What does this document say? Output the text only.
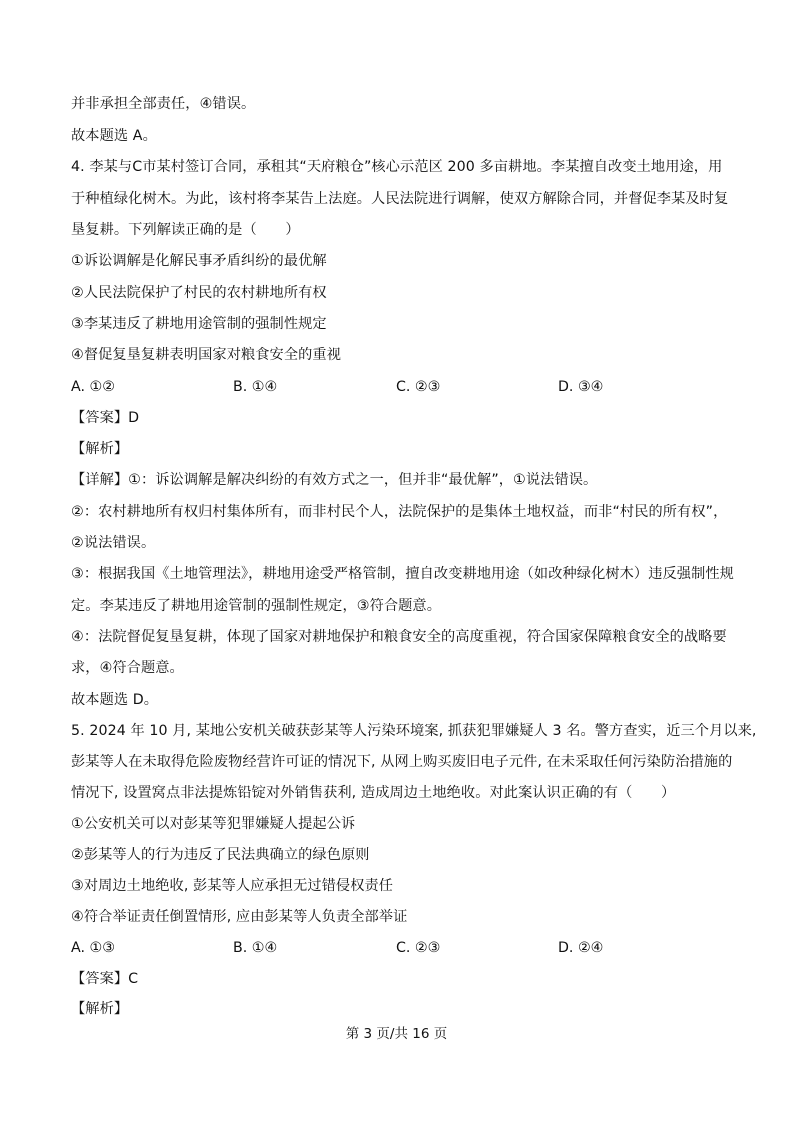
并非承担全部责任，④错误。
故本题选 A。
4. 李某与C市某村签订合同，承租其“天府粮仓”核心示范区 200 多亩耕地。李某擅自改变土地用途，用
于种植绿化树木。为此，该村将李某告上法庭。人民法院进行调解，使双方解除合同，并督促李某及时复
垦复耕。下列解读正确的是（　　）
①诉讼调解是化解民事矛盾纠纷的最优解
②人民法院保护了村民的农村耕地所有权
③李某违反了耕地用途管制的强制性规定
④督促复垦复耕表明国家对粮食安全的重视
A. ①②	B. ①④	C. ②③	D. ③④
【答案】D
【解析】
【详解】①：诉讼调解是解决纠纷的有效方式之一，但并非“最优解”，①说法错误。
②：农村耕地所有权归村集体所有，而非村民个人，法院保护的是集体土地权益，而非“村民的所有权”，
②说法错误。
③：根据我国《土地管理法》，耕地用途受严格管制，擅自改变耕地用途（如改种绿化树木）违反强制性规
定。李某违反了耕地用途管制的强制性规定，③符合题意。
④：法院督促复垦复耕，体现了国家对耕地保护和粮食安全的高度重视，符合国家保障粮食安全的战略要
求，④符合题意。
故本题选 D。
5. 2024 年 10 月, 某地公安机关破获彭某等人污染环境案, 抓获犯罪嫌疑人 3 名。警方查实，近三个月以来,
彭某等人在未取得危险废物经营许可证的情况下, 从网上购买废旧电子元件, 在未采取任何污染防治措施的
情况下, 设置窝点非法提炼铅锭对外销售获利, 造成周边土地绝收。对此案认识正确的有（　　）
①公安机关可以对彭某等犯罪嫌疑人提起公诉
②彭某等人的行为违反了民法典确立的绿色原则
③对周边土地绝收, 彭某等人应承担无过错侵权责任
④符合举证责任倒置情形, 应由彭某等人负责全部举证
A. ①③	B. ①④	C. ②③	D. ②④
【答案】C
【解析】
第 3 页/共 16 页
